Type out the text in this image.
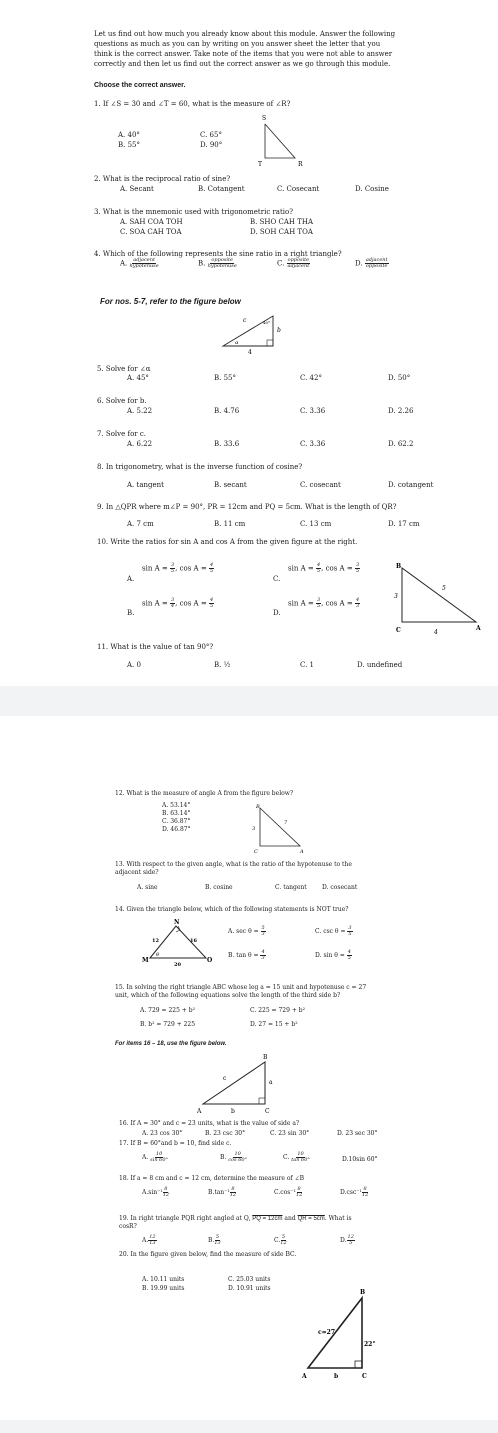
Let us find out how much you already know about this module. Answer the following
questions as much as you can by writing on you answer sheet the letter that you
think is the correct answer. Take note of the items that you were not able to answer
correctly and then let us find out the correct answer as we go through this module.
Choose the correct answer.
1. If ∠S = 30 and ∠T = 60, what is the measure of ∠R?
A. 40°
B. 55°
C. 65°
D. 90°
S
T	R
2. What is the reciprocal ratio of sine?
A. Secant	B. Cotangent	C. Cosecant	D. Cosine
3. What is the mnemonic used with trigonometric ratio?
A. SAH COA TOH	B. SHO CAH THA
C. SOA CAH TOA	D. SOH CAH TOA
4. Which of the following represents the sine ratio in a right triangle?
A. $\frac{\text{adjacent}}{\text{hypotenuse}}$	B. $\frac{\text{opposite}}{\text{hypotenuse}}$	C. $\frac{\text{opposite}}{\text{adjacent}}$	D. $\frac{\text{adjacent}}{\text{opposite}}$
For nos. 5-7, refer to the figure below
c
b
40°
α
4
5. Solve for ∠α
A. 45°	B. 55°	C. 42°	D. 50°
6. Solve for b.
A. 5.22	B. 4.76	C. 3.36	D. 2.26
7. Solve for c.
A. 6.22	B. 33.6	C. 3.36	D. 62.2
8. In trigonometry, what is the inverse function of cosine?
A. tangent	B. secant	C. cosecant	D. cotangent
9. In △QPR where m∠P = 90°, PR = 12cm and PQ = 5cm. What is the length of QR?
A. 7 cm	B. 11 cm	C. 13 cm	D. 17 cm
10. Write the ratios for sin A and cos A from the given figure at the right.
A.
$\sin A = \frac{3}{5}$ , $\cos A = \frac{4}{5}$
B.
$\sin A = \frac{3}{4}$ , $\cos A = \frac{4}{5}$
C.
$\sin A = \frac{4}{5}$ , $\cos A = \frac{3}{5}$
D.
$\sin A = \frac{3}{5}$ , $\cos A = \frac{4}{3}$
B
C	A
5
3
4
11. What is the value of tan 90°?
A. 0	B. ½	C. 1	D. undefined
12. What is the measure of angle A from the figure below?
A. 53.14°
B. 63.14°
C. 36.87°
D. 46.87°
B
C	A
7
3
13. With respect to the given angle, what is the ratio of the hypotenuse to the
adjacent side?
A. sine	B. cosine	C. tangent	D. cosecant
14. Given the triangle below, which of the following statements is NOT true?
N
M	O
12	16
20
θ
A. $\sec \theta = \frac{5}{3}$
B. $\tan \theta = \frac{4}{3}$
C. $\csc \theta = \frac{3}{5}$
D. $\sin \theta = \frac{4}{5}$
15. In solving the right triangle ABC whose leg a = 15 unit and hypotenuse c = 27
unit, which of the following equations solve the length of the third side b?
A. 729 = 225 + b²
B. b² = 729 + 225
C. 225 = 729 + b²
D. 27 = 15 + b²
For items 16 – 18, use the figure below.
B
A	C
a
b
c
16. If A = 30° and c = 23 units, what is the value of side a?
A. 23 cos 30°	B. 23 csc 30°	C. 23 sin 30°	D. 23 sec 30°
17. If B = 60°and b = 10, find side c.
A. $\frac{10}{\sin 60^\circ}$	B. $\frac{10}{\cos 60^\circ}$	C. $\frac{10}{\tan 60^\circ}$	D.10sin 60°
18. If a = 8 cm and c = 12 cm, determine the measure of ∠B
$A.\sin^{-1} \frac{8}{12}$	$B.\tan^{-1} \frac{8}{12}$	$C.\cos^{-1} \frac{8}{12}$	$D.\csc^{-1} \frac{8}{12}$
19. In right triangle PQR right angled at Q, PQ = 12cm and QR = 5cm. What is
cosR?
A. $\frac{12}{13}$	B. $\frac{5}{13}$	C. $\frac{5}{12}$	D. $\frac{12}{5}$
20. In the figure given below, find the measure of side BC.
A. 10.11 units
B. 19.99 units
C. 25.03 units
D. 10.91 units
B
A	C
b
c=27
22°
